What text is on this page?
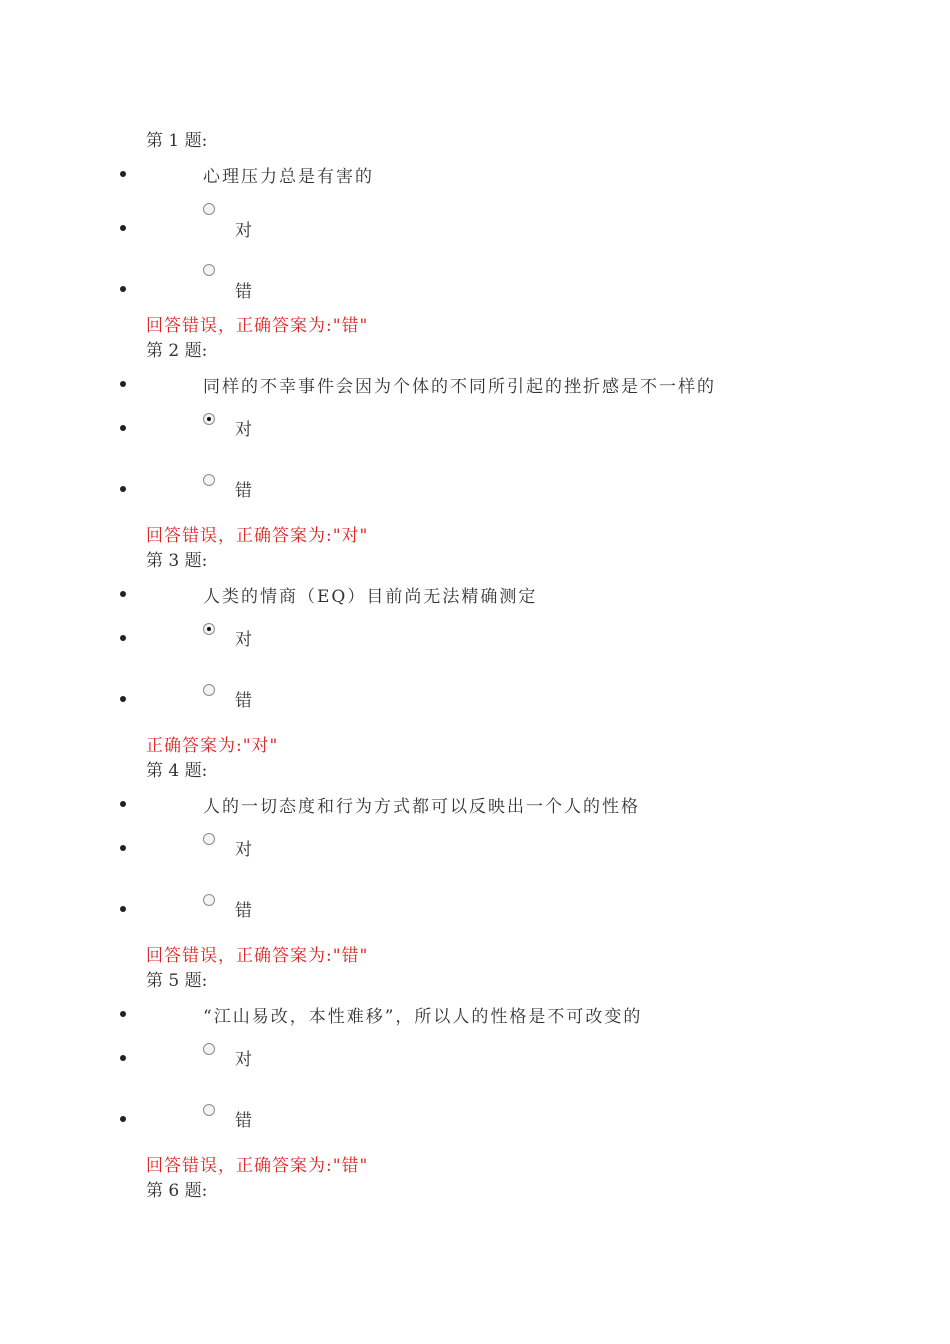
第 1 题:
心理压力总是有害的
对
错
回答错误，正确答案为:"错"
第 2 题:
同样的不幸事件会因为个体的不同所引起的挫折感是不一样的
对
错
回答错误，正确答案为:"对"
第 3 题:
人类的情商（EQ）目前尚无法精确测定
对
错
正确答案为:"对"
第 4 题:
人的一切态度和行为方式都可以反映出一个人的性格
对
错
回答错误，正确答案为:"错"
第 5 题:
“江山易改，本性难移”，所以人的性格是不可改变的
对
错
回答错误，正确答案为:"错"
第 6 题:
